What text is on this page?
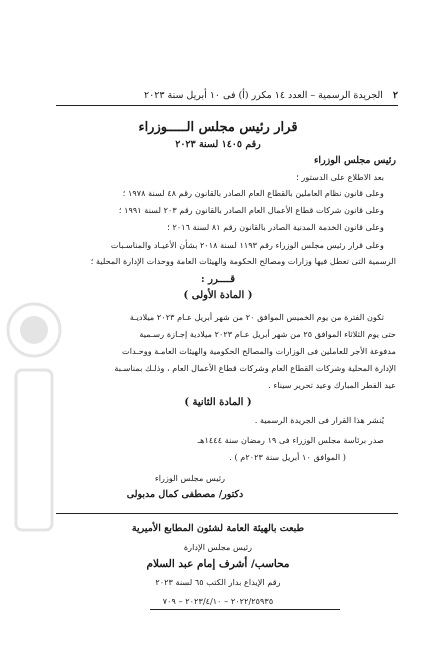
٢
الجريدة الرسمية – العدد ١٤ مكرر (أ) فى ١٠ أبريل سنة ٢٠٢٣
قرار رئيس مجلس الـــــوزراء
رقم ١٤٠٥ لسنة ٢٠٢٣
رئيس مجلس الوزراء
بعد الاطلاع على الدستور ؛
وعلى قانون نظام العاملين بالقطاع العام الصادر بالقانون رقم ٤٨ لسنة ١٩٧٨ ؛
وعلى قانون شركات قطاع الأعمال العام الصادر بالقانون رقم ٢٠٣ لسنة ١٩٩١ ؛
وعلى قانون الخدمة المدنية الصادر بالقانون رقم ٨١ لسنة ٢٠١٦ ؛
وعلى قرار رئيس مجلس الوزراء رقم ١١٩٣ لسنة ٢٠١٨ بشأن الأعيـاد والمناسـبات
الرسمية التى تعطل فيها وزارات ومصالح الحكومة والهيئات العامة ووحدات الإدارة المحلية ؛
قــــرر :
( المادة الأولى )
تكون الفترة من يوم الخميس الموافق ٢٠ من شهر أبريل عـام ٢٠٢٣ ميلاديـة
حتى يوم الثلاثاء الموافق ٢٥ من شهر أبريل عـام ٢٠٢٣ ميلادية إجـازة رسـمية
مدفوعة الأجر للعاملين فى الوزارات والمصالح الحكومية والهيئات العامـة ووحـدات
الإدارة المحلية وشركات القطاع العام وشركات قطاع الأعمال العام ، وذلـك بمناسـبة
عيد الفطر المبارك وعيد تحرير سيناء .
( المادة الثانية )
يُنشر هذا القرار فى الجريدة الرسمية .
صدر برئاسة مجلس الوزراء فى ١٩ رمضان سنة ١٤٤٤هـ
( الموافق ١٠ أبريل سنة ٢٠٢٣م ) .
رئيس مجلس الوزراء
دكتور/ مصطفى كمال مدبولى
طبعت بالهيئة العامة لشئون المطابع الأميرية
رئيس مجلس الإدارة
محاسب/ أشرف إمام عبد السلام
رقم الإيداع بدار الكتب ٦٥ لسنة ٢٠٢٣
٢٠٢٢/٢٥٩٣٥ – ٢٠٢٣/٤/١٠ – ٧٠٩
